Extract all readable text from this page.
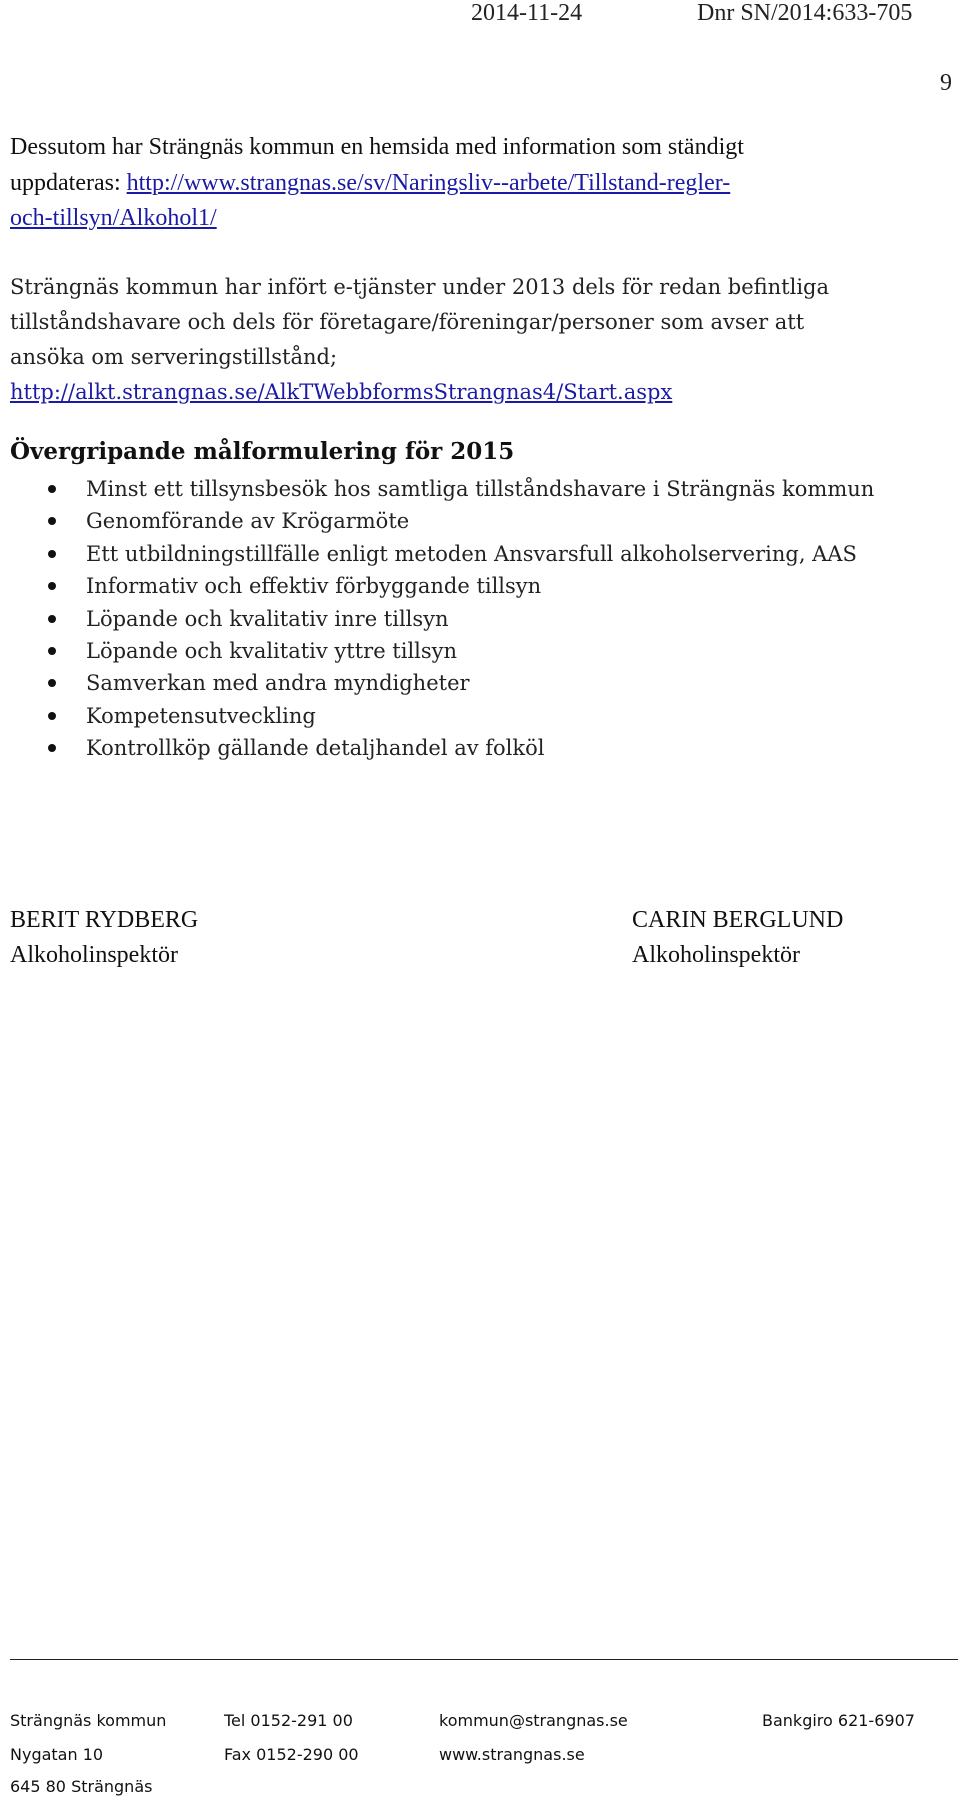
2014-11-24	Dnr SN/2014:633-705
9
Dessutom har Strängnäs kommun en hemsida med information som ständigt
uppdateras: http://www.strangnas.se/sv/Naringsliv--arbete/Tillstand-regler-
och-tillsyn/Alkohol1/
Strängnäs kommun har infört e-tjänster under 2013 dels för redan befintliga
tillståndshavare och dels för företagare/föreningar/personer som avser att
ansöka om serveringstillstånd;
http://alkt.strangnas.se/AlkTWebbformsStrangnas4/Start.aspx
Övergripande målformulering för 2015
Minst ett tillsynsbesök hos samtliga tillståndshavare i Strängnäs kommun
Genomförande av Krögarmöte
Ett utbildningstillfälle enligt metoden Ansvarsfull alkoholservering, AAS
Informativ och effektiv förbyggande tillsyn
Löpande och kvalitativ inre tillsyn
Löpande och kvalitativ yttre tillsyn
Samverkan med andra myndigheter
Kompetensutveckling
Kontrollköp gällande detaljhandel av folköl
BERIT RYDBERG
Alkoholinspektör
CARIN BERGLUND
Alkoholinspektör
Strängnäs kommun
Nygatan 10
645 80 Strängnäs
Tel 0152-291 00
Fax 0152-290 00
kommun@strangnas.se
www.strangnas.se
Bankgiro 621-6907
